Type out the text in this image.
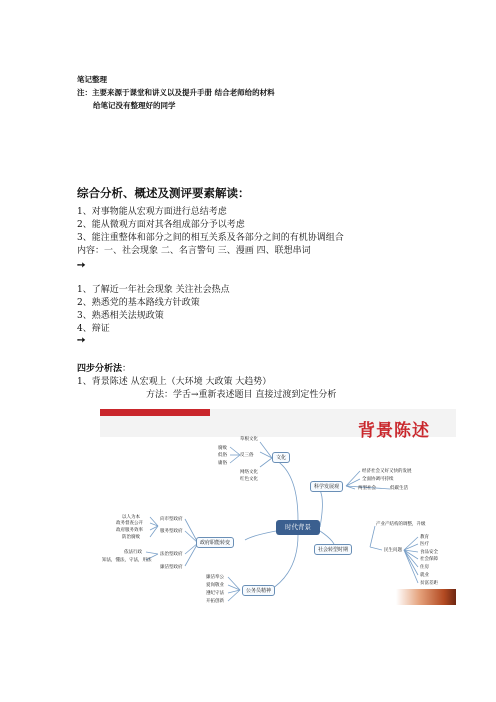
笔记整理
注：主要来源于课堂和讲义以及提升手册 结合老师给的材料
给笔记没有整理好的同学
综合分析、概述及测评要素解读：
1、对事物能从宏观方面进行总结考虑
2、能从微观方面对其各组成部分予以考虑
3、能注重整体和部分之间的相互关系及各部分之间的有机协调组合
内容：一、社会现象 二、名言警句 三、漫画 四、联想串词
➙
1、了解近一年社会现象 关注社会热点
2、熟悉党的基本路线方针政策
3、熟悉相关法规政策
4、辩证
➙
四步分析法：
1、背景陈述 从宏观上（大环境 大政策 大趋势）
方法：学舌→重新表述题目 直接过渡到定性分析
背景陈述
时代背景
文化
科学发展观
政府职能转变
社会转型时期
公务员精神
草根文化
腐败
低俗
庸俗
反三俗
网络文化
红色文化
经济社会又好又快的发展
全面协调可持续
两型社会	低碳生活
以人为本
政务督查公开
政府服务效率
防治腐败
向市型政府
服务型政府
依法行政
知法，懂法，守法，用法
法治型政府
廉洁型政府
产业产结构的调整，升级
民生问题
教育
医疗
食品安全
社会保障
住房
就业
贫富差距
廉洁奉公
爱岗敬业
遵纪守法
开拓创新
